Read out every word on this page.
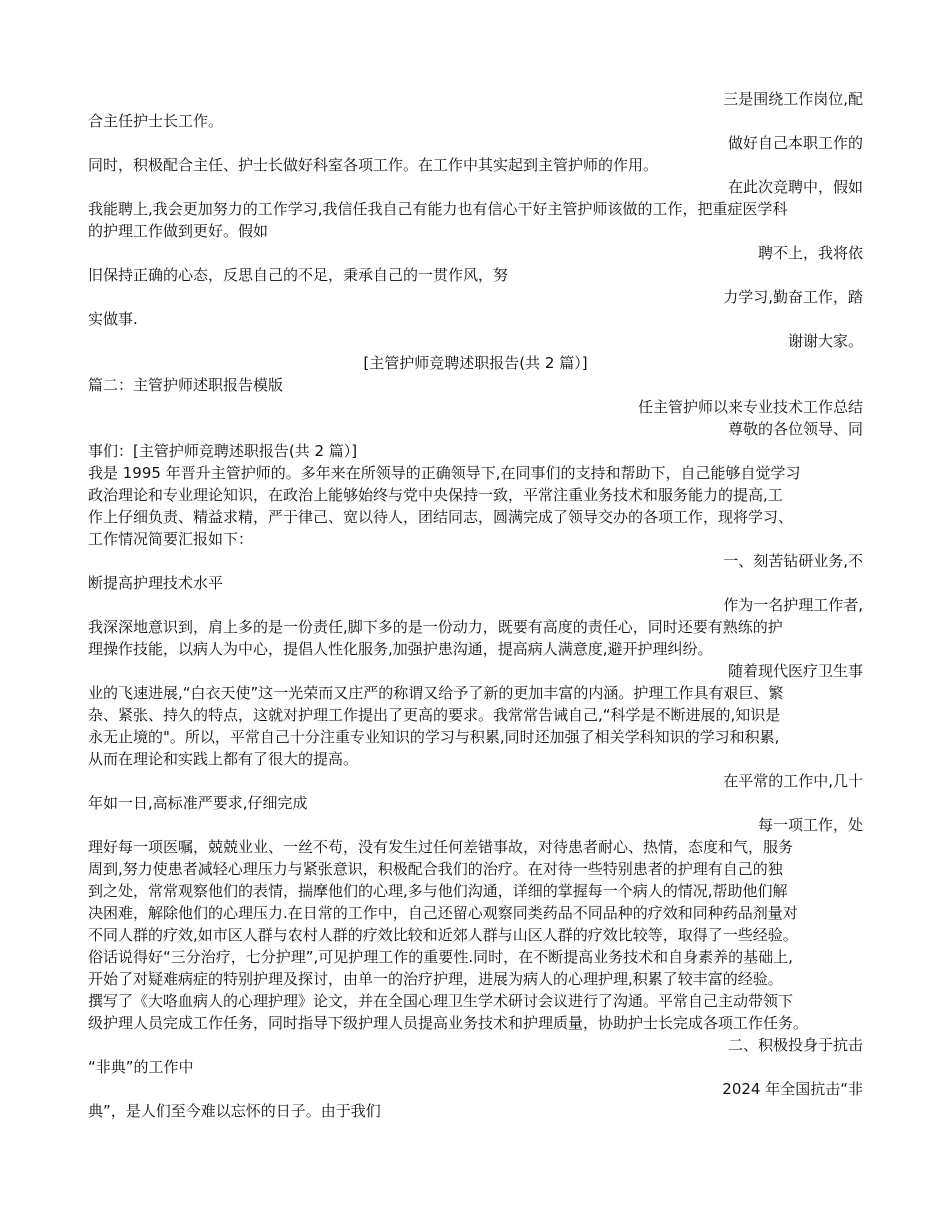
三是围绕工作岗位,配
合主任护士长工作。
做好自己本职工作的
同时，积极配合主任、护士长做好科室各项工作。在工作中其实起到主管护师的作用。
在此次竞聘中，假如
我能聘上,我会更加努力的工作学习,我信任我自己有能力也有信心干好主管护师该做的工作，把重症医学科
的护理工作做到更好。假如
聘不上，我将依
旧保持正确的心态，反思自己的不足，秉承自己的一贯作风，努
力学习,勤奋工作，踏
实做事.
谢谢大家。
[主管护师竞聘述职报告(共 2 篇）]
篇二：主管护师述职报告模版
任主管护师以来专业技术工作总结
尊敬的各位领导、同
事们：[主管护师竞聘述职报告(共 2 篇）]
我是 1995 年晋升主管护师的。多年来在所领导的正确领导下,在同事们的支持和帮助下，自己能够自觉学习
政治理论和专业理论知识，在政治上能够始终与党中央保持一致，平常注重业务技术和服务能力的提高,工
作上仔细负责、精益求精，严于律己、宽以待人，团结同志，圆满完成了领导交办的各项工作，现将学习、
工作情况简要汇报如下：
一、刻苦钻研业务,不
断提高护理技术水平
作为一名护理工作者,
我深深地意识到，肩上多的是一份责任,脚下多的是一份动力，既要有高度的责任心，同时还要有熟练的护
理操作技能，以病人为中心，提倡人性化服务,加强护患沟通，提高病人满意度,避开护理纠纷。
随着现代医疗卫生事
业的飞速进展,“白衣天使”这一光荣而又庄严的称谓又给予了新的更加丰富的内涵。护理工作具有艰巨、繁
杂、紧张、持久的特点，这就对护理工作提出了更高的要求。我常常告诫自己,“科学是不断进展的,知识是
永无止境的"。所以，平常自己十分注重专业知识的学习与积累,同时还加强了相关学科知识的学习和积累,
从而在理论和实践上都有了很大的提高。
在平常的工作中,几十
年如一日,高标准严要求,仔细完成
每一项工作，处
理好每一项医嘱，兢兢业业、一丝不苟，没有发生过任何差错事故，对待患者耐心、热情，态度和气，服务
周到,努力使患者减轻心理压力与紧张意识，积极配合我们的治疗。在对待一些特别患者的护理有自己的独
到之处，常常观察他们的表情，揣摩他们的心理,多与他们沟通，详细的掌握每一个病人的情况,帮助他们解
决困难，解除他们的心理压力.在日常的工作中，自己还留心观察同类药品不同品种的疗效和同种药品剂量对
不同人群的疗效,如市区人群与农村人群的疗效比较和近郊人群与山区人群的疗效比较等，取得了一些经验。
俗话说得好“三分治疗，七分护理”,可见护理工作的重要性.同时，在不断提高业务技术和自身素养的基础上,
开始了对疑难病症的特别护理及探讨，由单一的治疗护理，进展为病人的心理护理,积累了较丰富的经验。
撰写了《大咯血病人的心理护理》论文，并在全国心理卫生学术研讨会议进行了沟通。平常自己主动带领下
级护理人员完成工作任务，同时指导下级护理人员提高业务技术和护理质量，协助护士长完成各项工作任务。
二、积极投身于抗击
“非典”的工作中
2024 年全国抗击“非
典”，是人们至今难以忘怀的日子。由于我们
